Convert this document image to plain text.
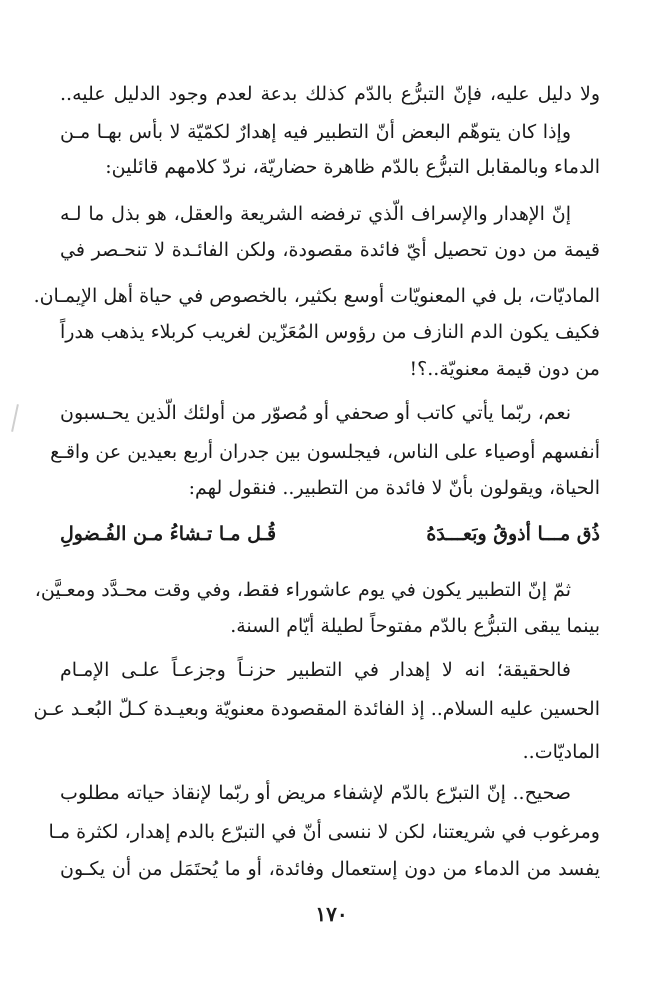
ولا دليل عليه، فإنّ التبرُّع بالدّم كذلك بدعة لعدم وجود الدليل عليه..
وإذا كان يتوهّم البعض أنّ التطبير فيه إهدارٌ لكمّيّة لا بأس بهـا مـن
الدماء وبالمقابل التبرُّع بالدّم ظاهرة حضاريّة، نردّ كلامهم قائلين:
إنّ الإهدار والإسراف الّذي ترفضه الشريعة والعقل، هو بذل ما لـه
قيمة من دون تحصيل أيّ فائدة مقصودة، ولكن الفائـدة لا تنحـصر في
الماديّات، بل في المعنويّات أوسع بكثير، بالخصوص في حياة أهل الإيمـان.
فكيف يكون الدم النازف من رؤوس المُعَزّين لغريب كربلاء يذهب هدراً
من دون قيمة معنويّة..؟!
نعم، ربّما يأتي كاتب أو صحفي أو مُصوّر من أولئك الّذين يحـسبون
أنفسهم أوصياء على الناس، فيجلسون بين جدران أربع بعيدين عن واقـع
الحياة، ويقولون بأنّ لا فائدة من التطبير.. فنقول لهم:
ذُق مـــا أذوقُ وبَعـــدَهُ
قُـل مـا تـشاءُ مـن الفُـضولِ
ثمّ إنّ التطبير يكون في يوم عاشوراء فقط، وفي وقت محـدَّد ومعـيَّن،
بينما يبقى التبرُّع بالدّم مفتوحاً لطيلة أيّام السنة.
فالحقيقة؛ انه لا إهدار في التطبير حزنـاً وجزعـاً علـى الإمـام
الحسين عليه السلام.. إذ الفائدة المقصودة معنويّة وبعيـدة كـلّ البُعـد عـن
الماديّات..
صحيح.. إنّ التبرّع بالدّم لإشفاء مريض أو ربّما لإنقاذ حياته مطلوب
ومرغوب في شريعتنا، لكن لا ننسى أنّ في التبرّع بالدم إهدار، لكثرة مـا
يفسد من الدماء من دون إستعمال وفائدة، أو ما يُحتَمَل من أن يكـون
١٧٠
